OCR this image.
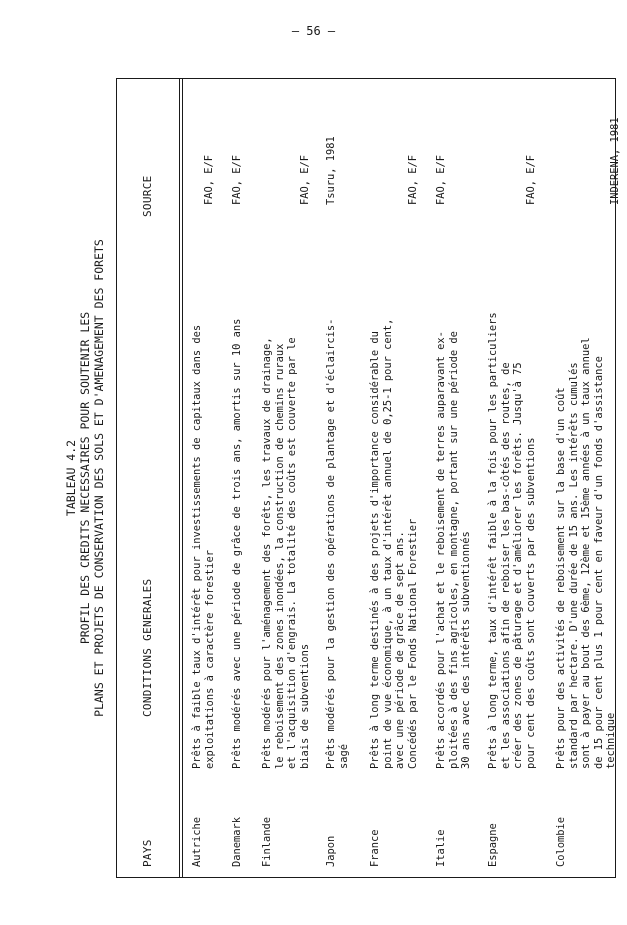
– 56 –
TABLEAU 4.2 PROFIL DES CREDITS NECESSAIRES POUR SOUTENIR LES PLANS ET PROJETS DE CONSERVATION DES SOLS ET D'AMENAGEMENT DES FORETS
PAYS
CONDITIONS GENERALES
SOURCE
Autriche
Prêts à faible taux d'intérêt pour investissements de capitaux dans des exploitations à caractère forestier
FAO, E/F
Danemark
Prêts modérés avec une période de grâce de trois ans, amortis sur 10 ans
FAO, E/F
Finlande
Prêts modérés pour l'aménagement des forêts, les travaux de drainage, le reboisement des zones inondées, la construction de chemins ruraux et l'acquisition d'engrais. La totalité des coûts est couverte par le biais de subventions
FAO, E/F
Japon
Prêts modérés pour la gestion des opérations de plantage et d'éclaircis- sagé
Tsuru, 1981
France
Prêts à long terme destinés à des projets d'importance considérable du point de vue économique, à un taux d'intérêt annuel de 0,25-1 pour cent, avec une période de grâce de sept ans. Concédés par le Fonds National Forestier
FAO, E/F
Italie
Prêts accordés pour l'achat et le reboisement de terres auparavant ex- ploitées à des fins agricoles, en montagne, portant sur une période de 30 ans avec des intérêts subventionnés
FAO, E/F
Espagne
Prêts à long terme, taux d'intérêt faible à la fois pour les particuliers et les associations afin de reboiser les bas-côtés des routes, de créer des zones de pâturage et d'améliorer les forêts. Jusqu'à 75 pour cent des coûts sont couverts par des subventions
FAO, E/F
Colombie
Prêts pour des activités de reboisement sur la base d'un coût standard par hectare. D'une durée de 15 ans. Les intérêts cumulés sont à payer au bout des 6ème, 12ème et 15ème années à un taux annuel de 15 pour cent plus 1 pour cent en faveur d'un fonds d'assistance technique
INDERENA, 1981
